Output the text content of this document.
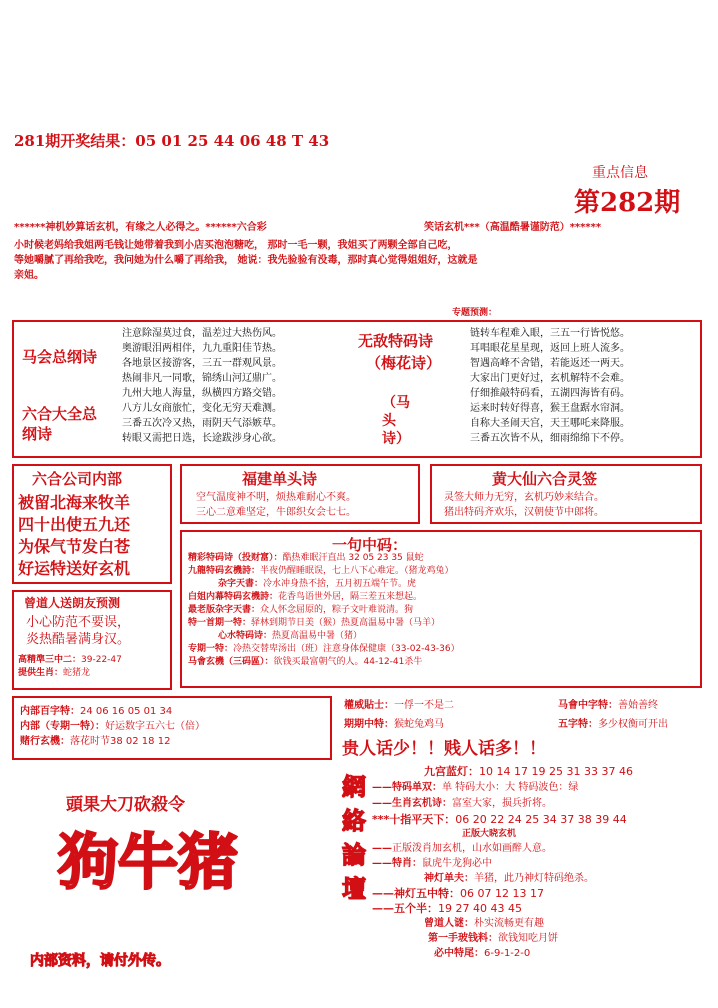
281期开奖结果：05 01 25 44 06 48 T 43
重点信息
第282期
******神机妙算话玄机，有缘之人必得之。******六合彩	笑话玄机***（高温酷暑谨防范）******
小时候老妈给我姐两毛钱让她带着我到小店买泡泡糖吃， 那时一毛一颗，我姐买了两颗全部自己吃，
等她嚼腻了再给我吃，我问她为什么嚼了再给我， 她说：我先验验有没毒，那时真心觉得姐姐好，这就是
亲姐。
专题预测：
马会总纲诗
六合大全总纲诗
注意除湿莫过食，温差过大热伤风。
奥游眼泪两相伴，九九重阳佳节热。
各地景区接游客，三五一群观风景。
热闹非凡一同歌，锦绣山河辽鼎广。
九州大地人海量，纵横四方路交错。
八方儿女商旅忙，变化无穷天难测。
三番五次冷又热，雨阴天气添嫉草。
转眼又需把日选，长途跋涉身心欲。
无敌特码诗
（梅花诗）
（马头诗）
链转车程难入眼，三五一行皆悦悠。
耳唱眼花星星现，返回上班人流多。
智遇高峰不舍错，若能返还一两天。
大家出门更好过，玄机解特不会难。
仔细推敲特码看，五湖四海皆有码。
运来时转好得喜，猴王盘踞水帘洞。
自称大圣闹天宫，天王哪吒来降服。
三番五次皆不从，细雨绵绵下不停。
六合公司内部
被留北海来牧羊
四十出使五九还
为保气节发白苍
好运特送好玄机
福建单头诗
空气温度神不明，烦热难耐心不爽。
三心二意难坚定，牛郎织女会七七。
黄大仙六合灵签
灵签大师力无穷，玄机巧妙来结合。
猪出特码齐欢乐，汉朝使节中郎将。
曾道人送朗友预测
小心防范不要误，
炎热酷暑满身汉。
高精準三中二：39-22-47
提供生肖：蛇猪龙
一句中码：
精彩特码诗（投财富）：酷热难眠汗直出 32 05 23 35 鼠蛇
九龍特码玄機詩：半夜仍醒睡眠误，七上八下心难定。（猪龙鸡兔）
杂字天書：冷水冲身热不捨，五月初五端午节。虎
白姐内幕特码玄機詩：花香鸟语世外居，隔三差五来想起。
最老版杂字天書：众人怀念屈原的，粽子文叶难说清。狗
特一首期一特：驿林到期节日美（猴）热夏高温易中暑（马羊）
心水特码诗：热夏高温易中暑（猪）
专期一特：冷热交替卑汤出（班）注意身体保健康（33-02-43-36）
马會玄機（三码區）：欲钱买最富朝气的人。44-12-41杀牛
内部百字特：24 06 16 05 01 34
内部（专期一特）：好运数字五六七（倍）
赌行玄機：落花时节38 02 18 12
權威貼士：一俘一不是二
期期中特：猴蛇兔鸡马
马會中字特：善始善终
五字特：多少权衡可开出
贵人话少！！贱人话多！！
頭果大刀砍殺令
狗牛猪
網絡論壇
九宫蓝灯：10 14 17 19 25 31 33 37 46
——特码单双：单 特码大小：大 特码波色：绿
——生肖玄机诗：富室大家，损兵折将。
***十指平天下：06 20 22 24 25 34 37 38 39 44
正版大晓玄机
——正版泼肖加玄机，山水如画醉人意。
——特肖：鼠虎牛龙狗必中
神灯单夫：羊猪，此乃神灯特码绝杀。
——神灯五中特：06 07 12 13 17
——五个半：19 27 40 43 45
曾道人谜：朴实流畅更有趣
第一手玻钱料：欲钱知吃月饼
必中特尾：6-9-1-2-0
内部资料，请付外传。
